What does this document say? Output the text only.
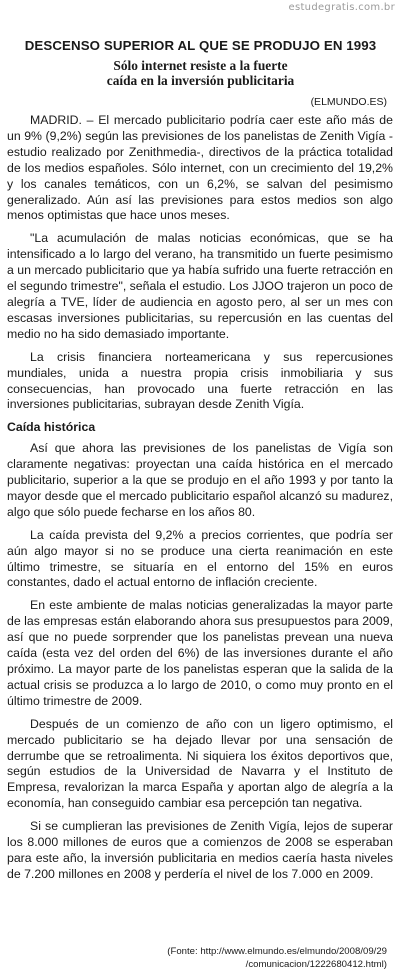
estudegratis.com.br
DESCENSO SUPERIOR AL QUE SE PRODUJO EN 1993
Sólo internet resiste a la fuerte
caída en la inversión publicitaria
(ELMUNDO.ES)

MADRID. – El mercado publicitario podría caer este año más de un 9% (9,2%) según las previsiones de los panelistas de Zenith Vigía -estudio realizado por Zenithmedia-, directivos de la práctica totalidad de los medios españoles. Sólo internet, con un crecimiento del 19,2% y los canales temáticos, con un 6,2%, se salvan del pesimismo generalizado. Aún así las previsiones para estos medios son algo menos optimistas que hace unos meses.

"La acumulación de malas noticias económicas, que se ha intensificado a lo largo del verano, ha transmitido un fuerte pesimismo a un mercado publicitario que ya había sufrido una fuerte retracción en el segundo trimestre", señala el estudio. Los JJOO trajeron un poco de alegría a TVE, líder de audiencia en agosto pero, al ser un mes con escasas inversiones publicitarias, su repercusión en las cuentas del medio no ha sido demasiado importante.

La crisis financiera norteamericana y sus repercusiones mundiales, unida a nuestra propia crisis inmobiliaria y sus consecuencias, han provocado una fuerte retracción en las inversiones publicitarias, subrayan desde Zenith Vigía.

Caída histórica

Así que ahora las previsiones de los panelistas de Vigía son claramente negativas: proyectan una caída histórica en el mercado publicitario, superior a la que se produjo en el año 1993 y por tanto la mayor desde que el mercado publicitario español alcanzó su madurez, algo que sólo puede fecharse en los años 80.

La caída prevista del 9,2% a precios corrientes, que podría ser aún algo mayor si no se produce una cierta reanimación en este último trimestre, se situaría en el entorno del 15% en euros constantes, dado el actual entorno de inflación creciente.

En este ambiente de malas noticias generalizadas la mayor parte de las empresas están elaborando ahora sus presupuestos para 2009, así que no puede sorprender que los panelistas prevean una nueva caída (esta vez del orden del 6%) de las inversiones durante el año próximo. La mayor parte de los panelistas esperan que la salida de la actual crisis se produzca a lo largo de 2010, o como muy pronto en el último trimestre de 2009.

Después de un comienzo de año con un ligero optimismo, el mercado publicitario se ha dejado llevar por una sensación de derrumbe que se retroalimenta. Ni siquiera los éxitos deportivos que, según estudios de la Universidad de Navarra y el Instituto de Empresa, revalorizan la marca España y aportan algo de alegría a la economía, han conseguido cambiar esa percepción tan negativa.

Si se cumplieran las previsiones de Zenith Vigía, lejos de superar los 8.000 millones de euros que a comienzos de 2008 se esperaban para este año, la inversión publicitaria en medios caería hasta niveles de 7.200 millones en 2008 y perdería el nivel de los 7.000 en 2009.

(Fonte: http://www.elmundo.es/elmundo/2008/09/29
/comunicacion/1222680412.html)
